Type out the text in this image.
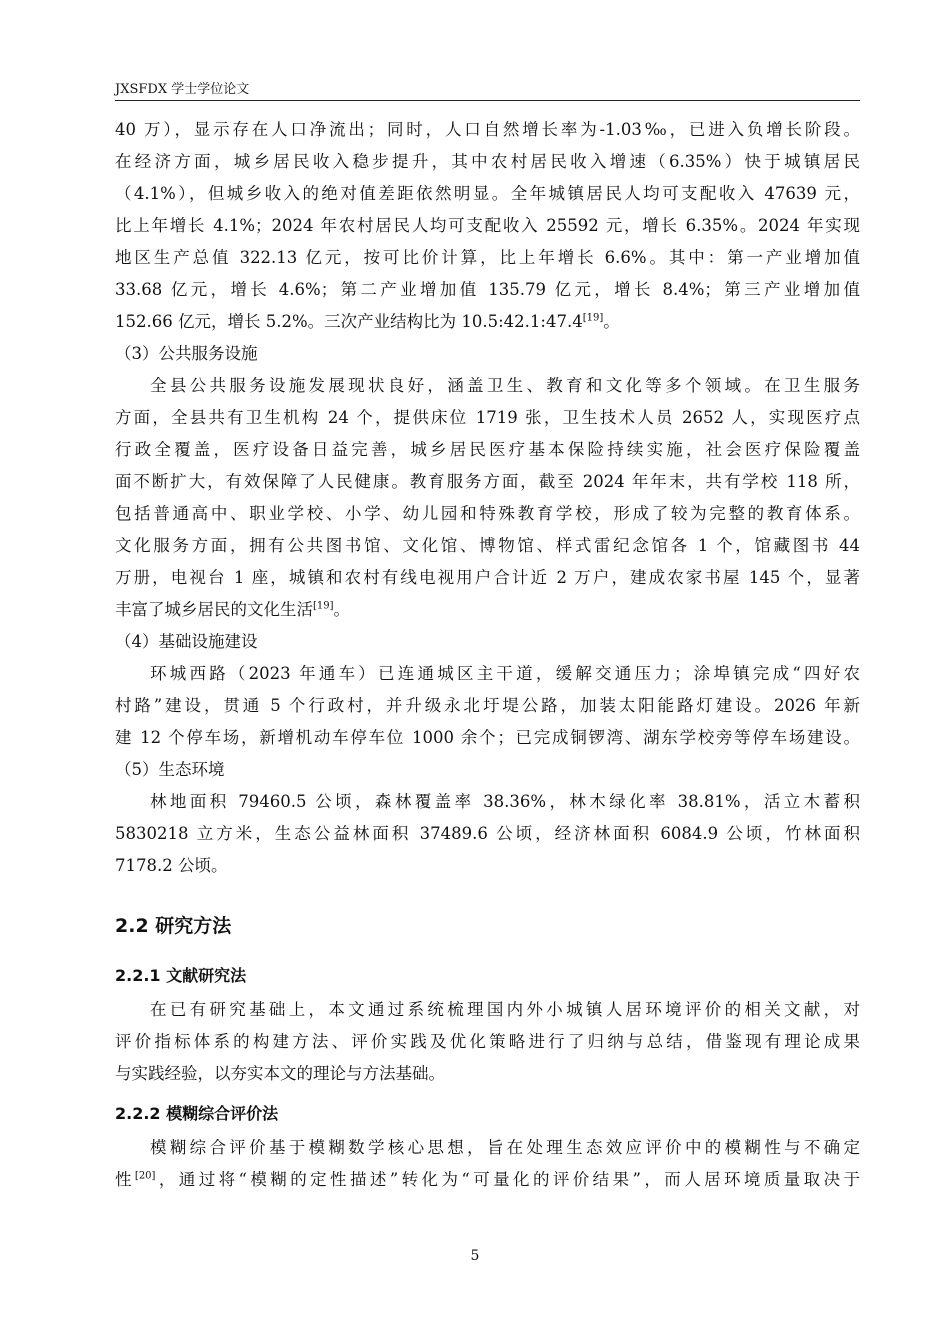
JXSFDX 学士学位论文
40 万），显示存在人口净流出；同时，人口自然增长率为-1.03‰，已进入负增长阶段。
在经济方面，城乡居民收入稳步提升，其中农村居民收入增速（6.35%）快于城镇居民
（4.1%），但城乡收入的绝对值差距依然明显。全年城镇居民人均可支配收入 47639 元，
比上年增长 4.1%；2024 年农村居民人均可支配收入 25592 元，增长 6.35%。2024 年实现
地区生产总值 322.13 亿元，按可比价计算，比上年增长 6.6%。其中：第一产业增加值
33.68 亿元，增长 4.6%；第二产业增加值 135.79 亿元，增长 8.4%；第三产业增加值
152.66 亿元，增长 5.2%。三次产业结构比为 10.5:42.1:47.4[19]。
（3）公共服务设施
全县公共服务设施发展现状良好，涵盖卫生、教育和文化等多个领域。在卫生服务
方面，全县共有卫生机构 24 个，提供床位 1719 张，卫生技术人员 2652 人，实现医疗点
行政全覆盖，医疗设备日益完善，城乡居民医疗基本保险持续实施，社会医疗保险覆盖
面不断扩大，有效保障了人民健康。教育服务方面，截至 2024 年年末，共有学校 118 所，
包括普通高中、职业学校、小学、幼儿园和特殊教育学校，形成了较为完整的教育体系。
文化服务方面，拥有公共图书馆、文化馆、博物馆、样式雷纪念馆各 1 个，馆藏图书 44
万册，电视台 1 座，城镇和农村有线电视用户合计近 2 万户，建成农家书屋 145 个，显著
丰富了城乡居民的文化生活[19]。
（4）基础设施建设
环城西路（2023 年通车）已连通城区主干道，缓解交通压力；涂埠镇完成“四好农
村路”建设，贯通 5 个行政村，并升级永北圩堤公路，加装太阳能路灯建设。2026 年新
建 12 个停车场，新增机动车停车位 1000 余个；已完成铜锣湾、湖东学校旁等停车场建设。
（5）生态环境
林地面积 79460.5 公顷，森林覆盖率 38.36%，林木绿化率 38.81%，活立木蓄积
5830218 立方米，生态公益林面积 37489.6 公顷，经济林面积 6084.9 公顷，竹林面积
7178.2 公顷。
2.2 研究方法
2.2.1 文献研究法
在已有研究基础上，本文通过系统梳理国内外小城镇人居环境评价的相关文献，对
评价指标体系的构建方法、评价实践及优化策略进行了归纳与总结，借鉴现有理论成果
与实践经验，以夯实本文的理论与方法基础。
2.2.2 模糊综合评价法
模糊综合评价基于模糊数学核心思想，旨在处理生态效应评价中的模糊性与不确定
性[20]，通过将“模糊的定性描述”转化为“可量化的评价结果”，而人居环境质量取决于
5
